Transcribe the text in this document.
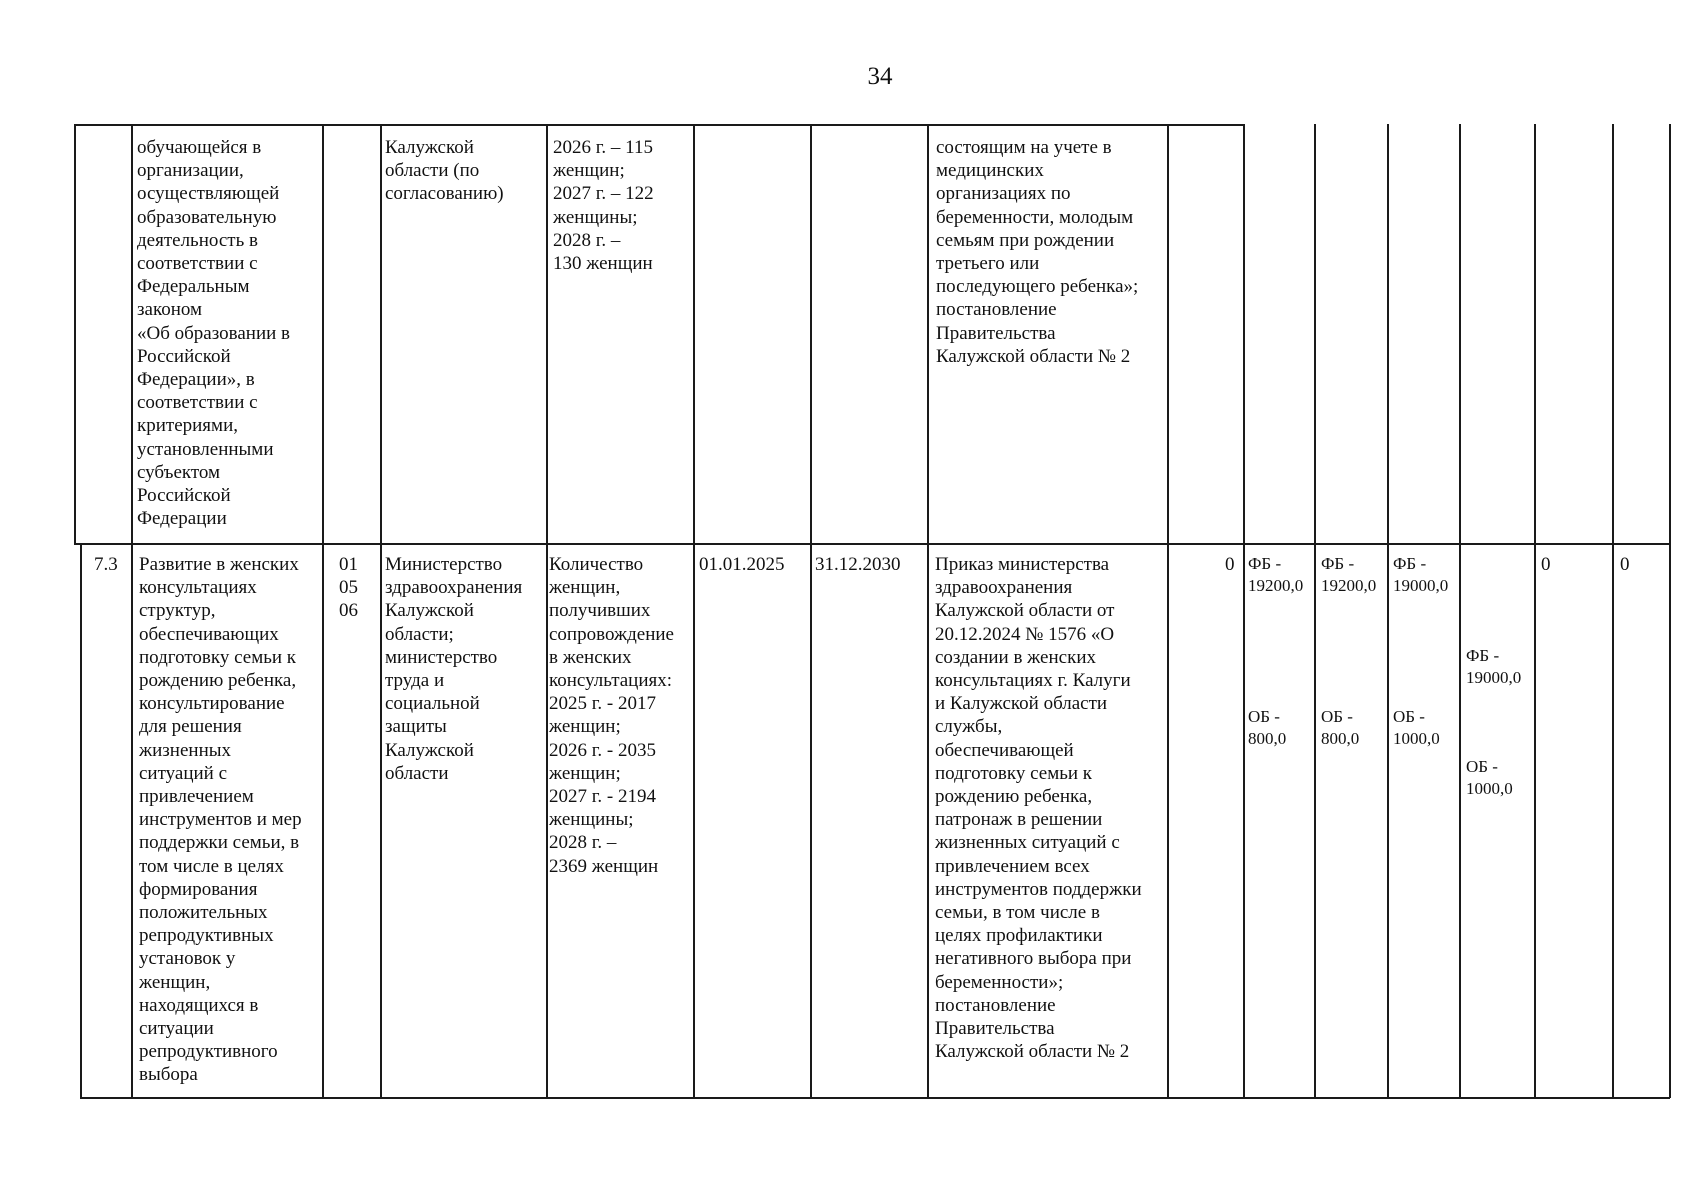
34
обучающейся в
организации,
осуществляющей
образовательную
деятельность в
соответствии с
Федеральным
законом
«Об образовании в
Российской
Федерации», в
соответствии с
критериями,
установленными
субъектом
Российской
Федерации
Калужской
области (по
согласованию)
2026 г. – 115
женщин;
2027 г. – 122
женщины;
2028 г. –
130 женщин
состоящим на учете в
медицинских
организациях по
беременности, молодым
семьям при рождении
третьего или
последующего ребенка»;
постановление
Правительства
Калужской области № 2
7.3 Развитие в женских
консультациях
структур,
обеспечивающих
подготовку семьи к
рождению ребенка,
консультирование
для решения
жизненных
ситуаций с
привлечением
инструментов и мер
поддержки семьи, в
том числе в целях
формирования
положительных
репродуктивных
установок у
женщин,
находящихся в
ситуации
репродуктивного
выбора
01
05
06
Министерство
здравоохранения
Калужской
области;
министерство
труда и
социальной
защиты
Калужской
области
Количество
женщин,
получивших
сопровождение
в женских
консультациях:
2025 г. - 2017
женщин;
2026 г. - 2035
женщин;
2027 г. - 2194
женщины;
2028 г. –
2369 женщин
01.01.2025 31.12.2030 Приказ министерства
здравоохранения
Калужской области от
20.12.2024 № 1576 «О
создании в женских
консультациях г. Калуги
и Калужской области
службы,
обеспечивающей
подготовку семьи к
рождению ребенка,
патронаж в решении
жизненных ситуаций с
привлечением всех
инструментов поддержки
семьи, в том числе в
целях профилактики
негативного выбора при
беременности»;
постановление
Правительства
Калужской области № 2
0 ФБ -
19200,0
ОБ -
800,0
ФБ -
19200,0
ОБ -
800,0
ФБ -
19000,0
ОБ -
1000,0
ФБ -
19000,0
ОБ -
1000,0
0	0
